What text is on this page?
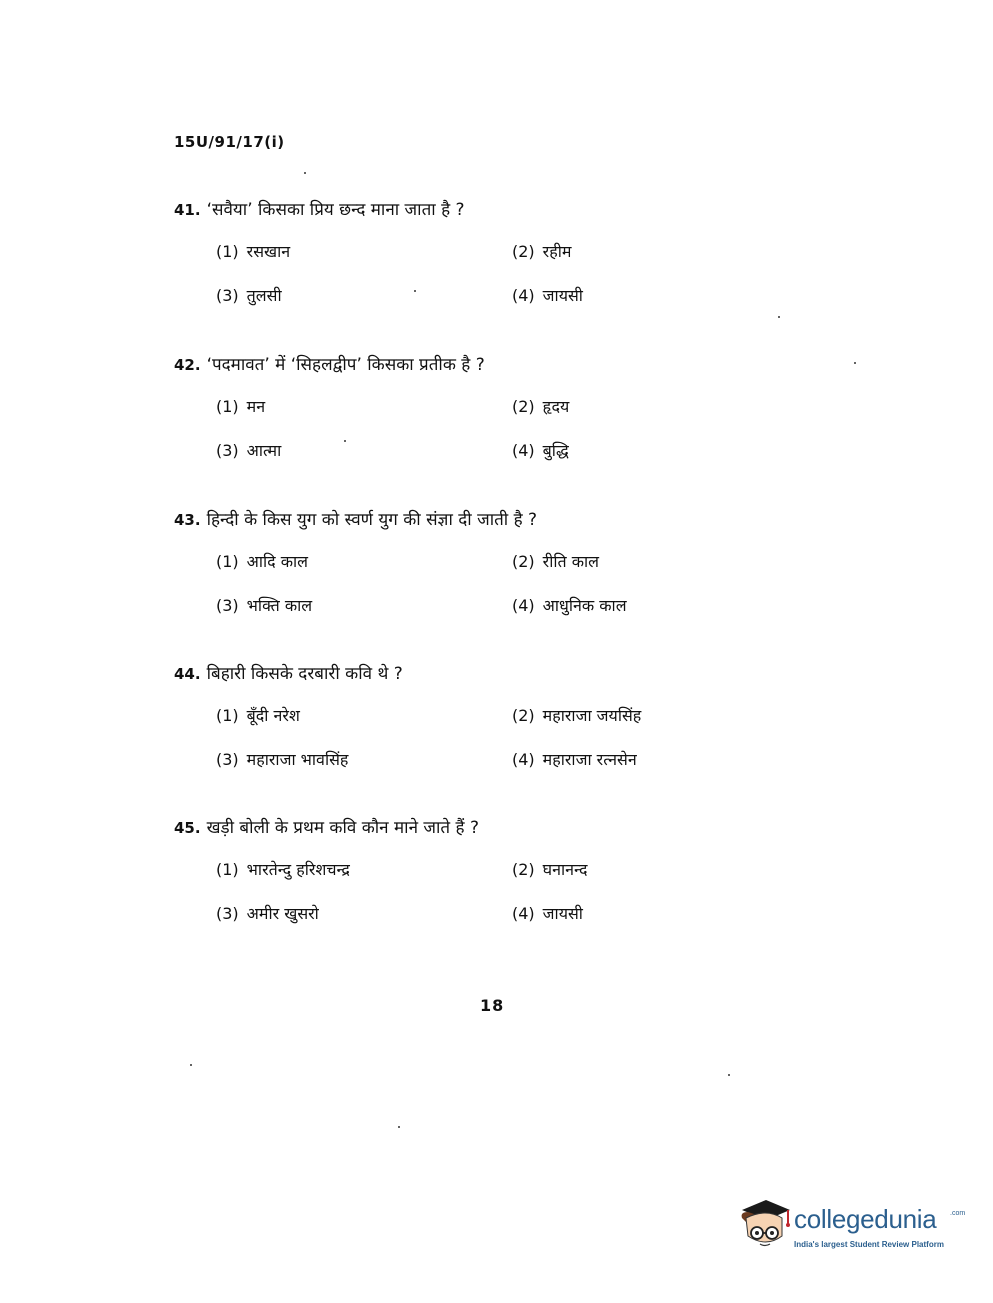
15U/91/17(i)
41. ‘सवैया’ किसका प्रिय छन्द माना जाता है ?
(1) रसखान	(2) रहीम
(3) तुलसी	(4) जायसी
42. ‘पदमावत’ में ‘सिहलद्वीप’ किसका प्रतीक है ?
(1) मन	(2) हृदय
(3) आत्मा	(4) बुद्धि
43. हिन्दी के किस युग को स्वर्ण युग की संज्ञा दी जाती है ?
(1) आदि काल	(2) रीति काल
(3) भक्ति काल	(4) आधुनिक काल
44. बिहारी किसके दरबारी कवि थे ?
(1) बूँदी नरेश	(2) महाराजा जयसिंह
(3) महाराजा भावसिंह	(4) महाराजा रत्नसेन
45. खड़ी बोली के प्रथम कवि कौन माने जाते हैं ?
(1) भारतेन्दु हरिशचन्द्र	(2) घनानन्द
(3) अमीर खुसरो	(4) जायसी
18
collegedunia .com
India's largest Student Review Platform
